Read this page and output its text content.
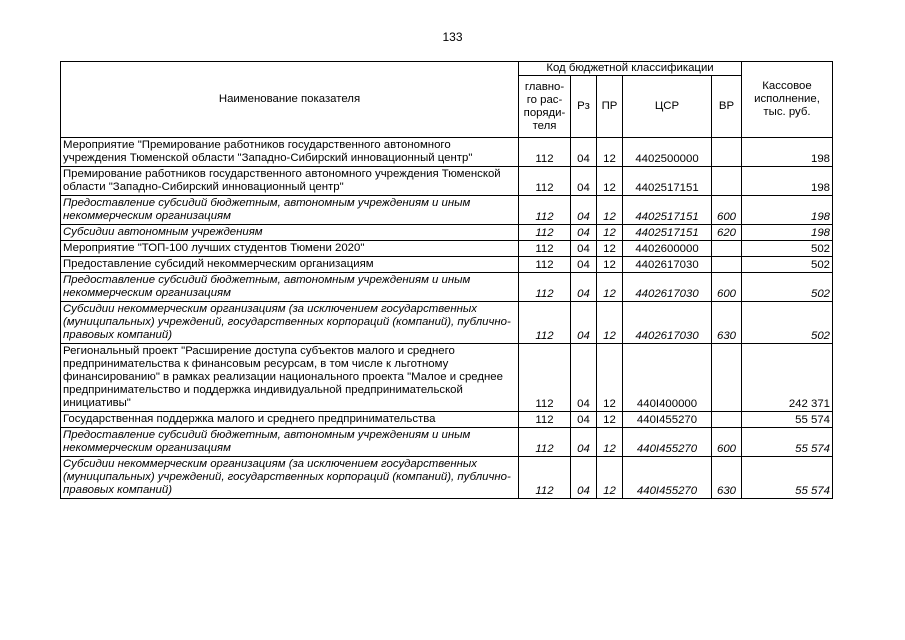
133
Наименование показателя	Код бюджетной классификации					Кассовое исполнение, тыс. руб.
	главно-го рас-поряди-теля	Рз	ПР	ЦСР	ВР	
Мероприятие "Премирование работников государственного автономного учреждения Тюменской области "Западно-Сибирский инновационный центр"	112	04	12	4402500000		198
Премирование работников государственного автономного учреждения Тюменской области "Западно-Сибирский инновационный центр"	112	04	12	4402517151		198
Предоставление субсидий бюджетным, автономным учреждениям и иным некоммерческим организациям	112	04	12	4402517151	600	198
Субсидии автономным учреждениям	112	04	12	4402517151	620	198
Мероприятие "ТОП-100 лучших студентов Тюмени 2020"	112	04	12	4402600000		502
Предоставление субсидий некоммерческим организациям	112	04	12	4402617030		502
Предоставление субсидий бюджетным, автономным учреждениям и иным некоммерческим организациям	112	04	12	4402617030	600	502
Субсидии некоммерческим организациям (за исключением государственных (муниципальных) учреждений, государственных корпораций (компаний), публично-правовых компаний)	112	04	12	4402617030	630	502
Региональный проект "Расширение доступа субъектов малого и среднего предпринимательства к финансовым ресурсам, в том числе к льготному финансированию" в рамках реализации национального проекта "Малое и среднее предпринимательство и поддержка индивидуальной предпринимательской инициативы"	112	04	12	440I400000		242 371
Государственная поддержка малого и среднего предпринимательства	112	04	12	440I455270		55 574
Предоставление субсидий бюджетным, автономным учреждениям и иным некоммерческим организациям	112	04	12	440I455270	600	55 574
Субсидии некоммерческим организациям (за исключением государственных (муниципальных) учреждений, государственных корпораций (компаний), публично-правовых компаний)	112	04	12	440I455270	630	55 574
